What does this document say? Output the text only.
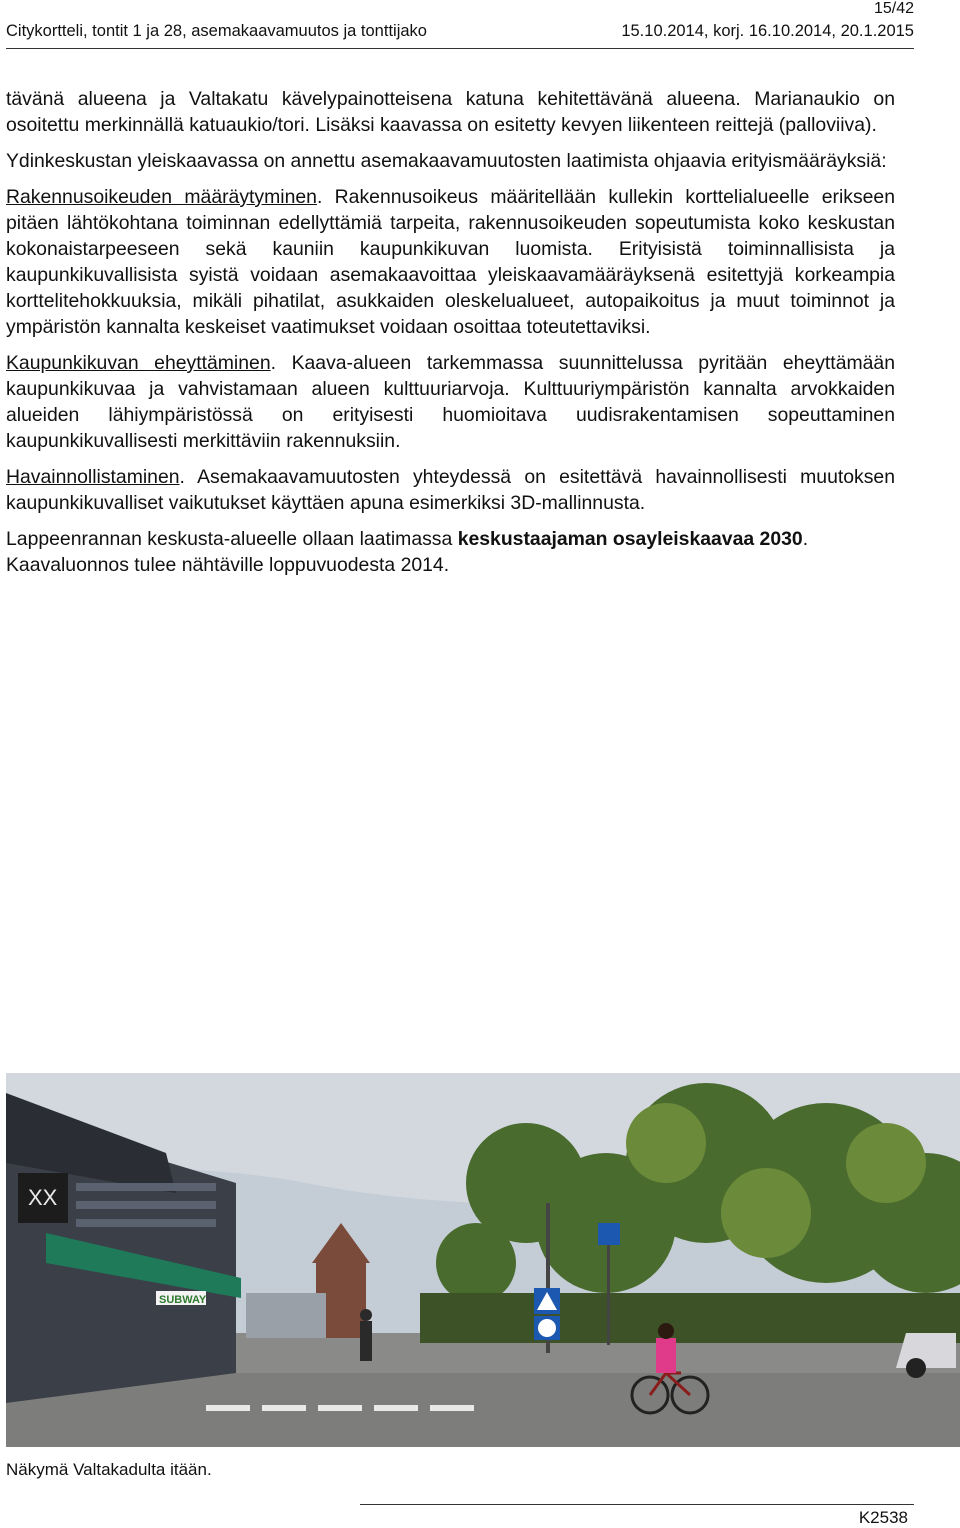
15/42
Citykortteli, tontit 1 ja 28, asemakaavamuutos ja tonttijako	15.10.2014, korj. 16.10.2014, 20.1.2015

tävänä alueena ja Valtakatu kävelypainotteisena katuna kehitettävänä alueena. Marianaukio on osoitettu merkinnällä katuaukio/tori. Lisäksi kaavassa on esitetty kevyen liikenteen reittejä (palloviiva).

Ydinkeskustan yleiskaavassa on annettu asemakaavamuutosten laatimista ohjaavia erityismääräyksiä:

Rakennusoikeuden määräytyminen. Rakennusoikeus määritellään kullekin korttelialueelle erikseen pitäen lähtökohtana toiminnan edellyttämiä tarpeita, rakennusoikeuden sopeutumista koko keskustan kokonaistarpeeseen sekä kauniin kaupunkikuvan luomista. Erityisistä toiminnallisista ja kaupunkikuvallisista syistä voidaan asemakaavoittaa yleiskaavamääräyksenä esitettyjä korkeampia korttelitehokkuuksia, mikäli pihatilat, asukkaiden oleskelualueet, autopaikoitus ja muut toiminnot ja ympäristön kannalta keskeiset vaatimukset voidaan osoittaa toteutettaviksi.

Kaupunkikuvan eheyttäminen. Kaava-alueen tarkemmassa suunnittelussa pyritään eheyttämään kaupunkikuvaa ja vahvistamaan alueen kulttuuriarvoja. Kulttuuriympäristön kannalta arvokkaiden alueiden lähiympäristössä on erityisesti huomioitava uudisrakentamisen sopeuttaminen kaupunkikuvallisesti merkittäviin rakennuksiin.

Havainnollistaminen. Asemakaavamuutosten yhteydessä on esitettävä havainnollisesti muutoksen kaupunkikuvalliset vaikutukset käyttäen apuna esimerkiksi 3D-mallinnusta.

Lappeenrannan keskusta-alueelle ollaan laatimassa keskustaajaman osayleiskaavaa 2030. Kaavaluonnos tulee nähtäville loppuvuodesta 2014.

XX
SUBWAY
Näkymä Valtakadulta itään.
K2538
